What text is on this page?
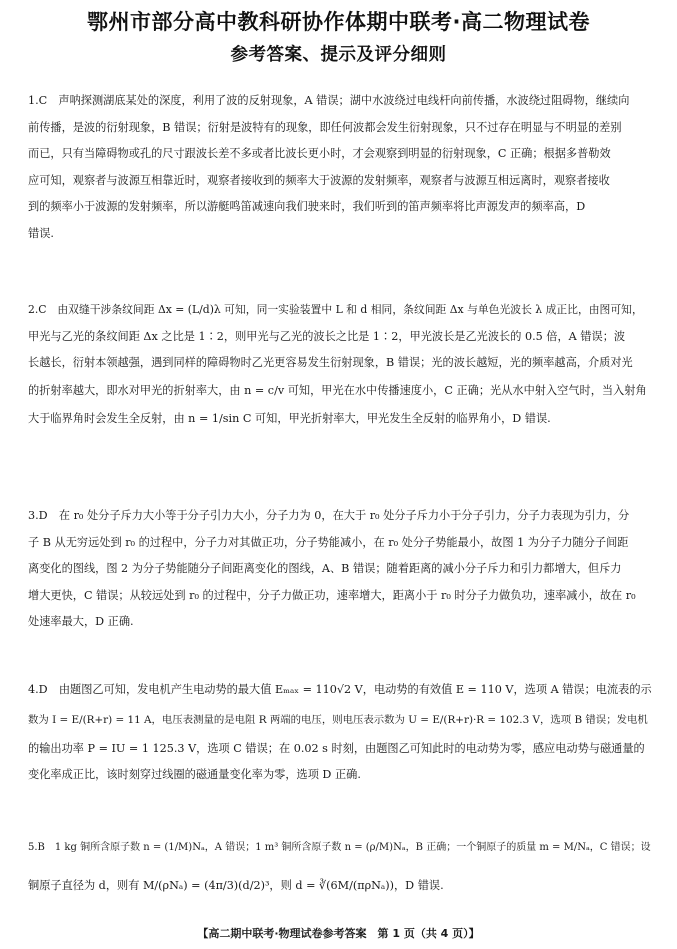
鄂州市部分高中教科研协作体期中联考·高二物理试卷
参考答案、提示及评分细则
1.C　声呐探测湖底某处的深度，利用了波的反射现象，A 错误；湖中水波绕过电线杆向前传播，水波绕过阻碍物，继续向
前传播，是波的衍射现象，B 错误；衍射是波特有的现象，即任何波都会发生衍射现象，只不过存在明显与不明显的差别
而已，只有当障碍物或孔的尺寸跟波长差不多或者比波长更小时，才会观察到明显的衍射现象，C 正确；根据多普勒效
应可知，观察者与波源互相靠近时，观察者接收到的频率大于波源的发射频率，观察者与波源互相远离时，观察者接收
到的频率小于波源的发射频率，所以游艇鸣笛减速向我们驶来时，我们听到的笛声频率将比声源发声的频率高，D
错误.
2.C　由双缝干涉条纹间距 Δx = (L/d)λ 可知，同一实验装置中 L 和 d 相同，条纹间距 Δx 与单色光波长 λ 成正比，由图可知，
甲光与乙光的条纹间距 Δx 之比是 1∶2，则甲光与乙光的波长之比是 1∶2，甲光波长是乙光波长的 0.5 倍，A 错误；波
长越长，衍射本领越强，遇到同样的障碍物时乙光更容易发生衍射现象，B 错误；光的波长越短，光的频率越高，介质对光
的折射率越大，即水对甲光的折射率大，由 n = c/v 可知，甲光在水中传播速度小，C 正确；光从水中射入空气时，当入射角
大于临界角时会发生全反射，由 n = 1/sin C 可知，甲光折射率大，甲光发生全反射的临界角小，D 错误.
3.D　在 r₀ 处分子斥力大小等于分子引力大小，分子力为 0，在大于 r₀ 处分子斥力小于分子引力，分子力表现为引力，分
子 B 从无穷远处到 r₀ 的过程中，分子力对其做正功，分子势能减小，在 r₀ 处分子势能最小，故图 1 为分子力随分子间距
离变化的图线，图 2 为分子势能随分子间距离变化的图线，A、B 错误；随着距离的减小分子斥力和引力都增大，但斥力
增大更快，C 错误；从较远处到 r₀ 的过程中，分子力做正功，速率增大，距离小于 r₀ 时分子力做负功，速率减小，故在 r₀
处速率最大，D 正确.
4.D　由题图乙可知，发电机产生电动势的最大值 Eₘₐₓ = 110√2 V，电动势的有效值 E = 110 V，选项 A 错误；电流表的示
数为 I = E/(R+r) = 11 A，电压表测量的是电阻 R 两端的电压，则电压表示数为 U = E/(R+r)·R = 102.3 V，选项 B 错误；发电机
的输出功率 P = IU = 1 125.3 V，选项 C 错误；在 0.02 s 时刻，由题图乙可知此时的电动势为零，感应电动势与磁通量的
变化率成正比，该时刻穿过线圈的磁通量变化率为零，选项 D 正确.
5.B　1 kg 铜所含原子数 n = (1/M)Nₐ，A 错误；1 m³ 铜所含原子数 n = (ρ/M)Nₐ，B 正确；一个铜原子的质量 m = M/Nₐ，C 错误；设
铜原子直径为 d，则有 M/(ρNₐ) = (4π/3)(d/2)³，则 d = ∛(6M/(πρNₐ))，D 错误.
【高二期中联考·物理试卷参考答案　第 1 页（共 4 页）】
